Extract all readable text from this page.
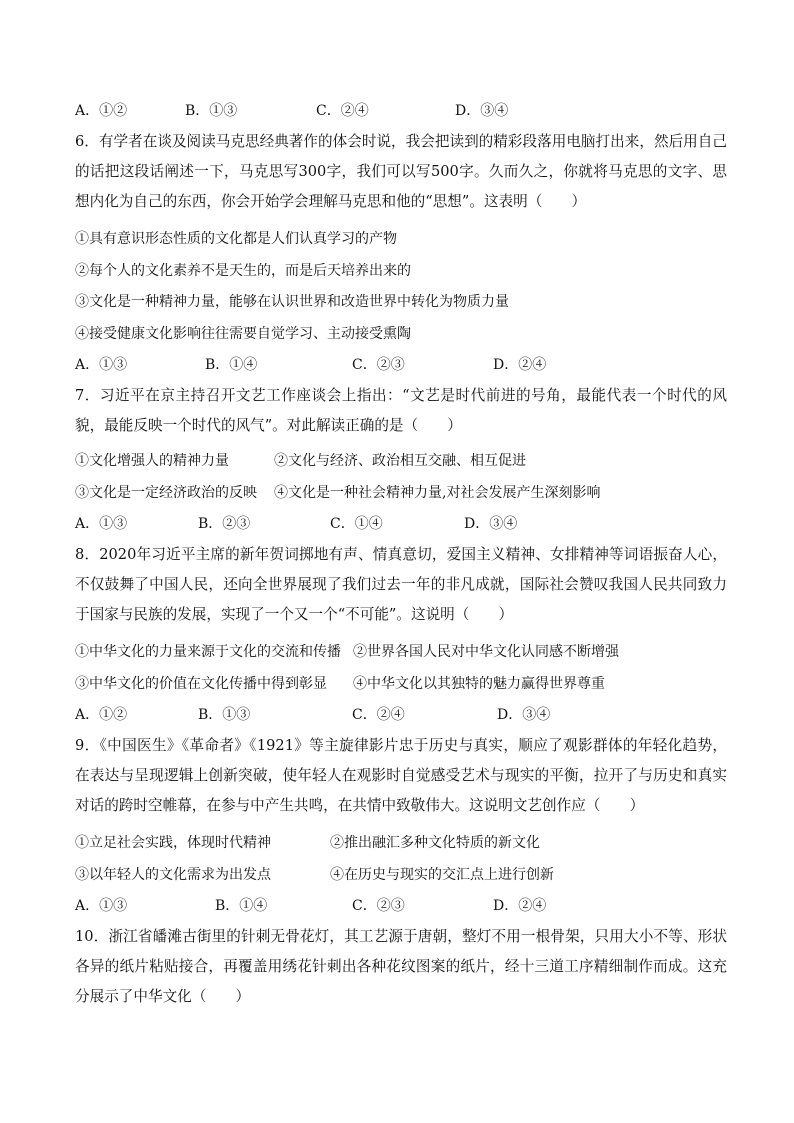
A．①②	B．①③	C．②④	D．③④

6．有学者在谈及阅读马克思经典著作的体会时说，我会把读到的精彩段落用电脑打出来，然后用自己的话把这段话阐述一下，马克思写300字，我们可以写500字。久而久之，你就将马克思的文字、思想内化为自己的东西，你会开始学会理解马克思和他的“思想”。这表明（　　）

①具有意识形态性质的文化都是人们认真学习的产物
②每个人的文化素养不是天生的，而是后天培养出来的
③文化是一种精神力量，能够在认识世界和改造世界中转化为物质力量
④接受健康文化影响往往需要自觉学习、主动接受熏陶
A．①③	B．①④	C．②③	D．②④

7．习近平在京主持召开文艺工作座谈会上指出：“文艺是时代前进的号角，最能代表一个时代的风貌，最能反映一个时代的风气”。对此解读正确的是（　　）

①文化增强人的精神力量	②文化与经济、政治相互交融、相互促进
③文化是一定经济政治的反映 ④文化是一种社会精神力量,对社会发展产生深刻影响
A．①③	B．②③	C．①④	D．③④

8．2020年习近平主席的新年贺词掷地有声、情真意切，爱国主义精神、女排精神等词语振奋人心，不仅鼓舞了中国人民，还向全世界展现了我们过去一年的非凡成就，国际社会赞叹我国人民共同致力于国家与民族的发展，实现了一个又一个“不可能”。这说明（　　）

①中华文化的力量来源于文化的交流和传播 ②世界各国人民对中华文化认同感不断增强
③中华文化的价值在文化传播中得到彰显 ④中华文化以其独特的魅力赢得世界尊重
A．①②	B．①③	C．②④	D．③④

9．《中国医生》《革命者》《1921》等主旋律影片忠于历史与真实，顺应了观影群体的年轻化趋势，在表达与呈现逻辑上创新突破，使年轻人在观影时自觉感受艺术与现实的平衡，拉开了与历史和真实对话的跨时空帷幕，在参与中产生共鸣，在共情中致敬伟大。这说明文艺创作应（　　）

①立足社会实践，体现时代精神	②推出融汇多种文化特质的新文化
③以年轻人的文化需求为出发点	④在历史与现实的交汇点上进行创新
A．①③	B．①④	C．②③	D．②④

10．浙江省皤滩古街里的针刺无骨花灯，其工艺源于唐朝，整灯不用一根骨架，只用大小不等、形状各异的纸片粘贴接合，再覆盖用绣花针刺出各种花纹图案的纸片，经十三道工序精细制作而成。这充分展示了中华文化（　　）
